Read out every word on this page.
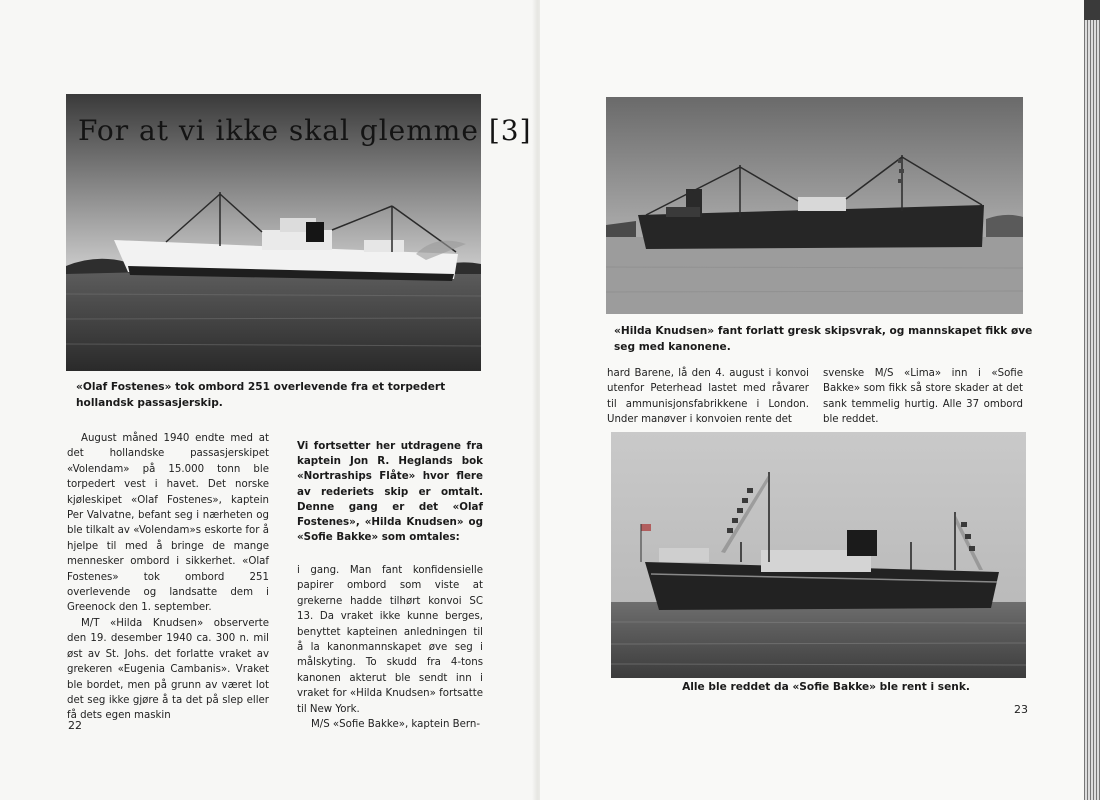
For at vi ikke skal glemme [3]
«Olaf Fostenes» tok ombord 251 overlevende fra et torpedert hollandsk passasjerskip.

August måned 1940 endte med at det hollandske passasjerskipet «Volendam» på 15.000 tonn ble torpedert vest i havet. Det norske kjøleskipet «Olaf Fostenes», kaptein Per Valvatne, befant seg i nærheten og ble tilkalt av «Volendam»s eskorte for å hjelpe til med å bringe de mange mennesker ombord i sikkerhet. «Olaf Fostenes» tok ombord 251 overlevende og landsatte dem i Greenock den 1. september.

M/T «Hilda Knudsen» observerte den 19. desember 1940 ca. 300 n. mil øst av St. Johs. det forlatte vraket av grekeren «Eugenia Cambanis». Vraket ble bordet, men på grunn av været lot det seg ikke gjøre å ta det på slep eller få dets egen maskin

Vi fortsetter her utdragene fra kaptein Jon R. Heglands bok «Nortraships Flåte» hvor flere av rederiets skip er omtalt. Denne gang er det «Olaf Fostenes», «Hilda Knudsen» og «Sofie Bakke» som omtales:

i gang. Man fant konfidensielle papirer ombord som viste at grekerne hadde tilhørt konvoi SC 13. Da vraket ikke kunne berges, benyttet kapteinen anledningen til å la kanonmannskapet øve seg i målskyting. To skudd fra 4-tons kanonen akterut ble sendt inn i vraket for «Hilda Knudsen» fortsatte til New York.

M/S «Sofie Bakke», kaptein Bern-

22
«Hilda Knudsen» fant forlatt gresk skipsvrak, og mannskapet fikk øve seg med kanonene.

hard Barene, lå den 4. august i konvoi utenfor Peterhead lastet med råvarer til ammunisjonsfabrikkene i London. Under manøver i konvoien rente det

svenske M/S «Lima» inn i «Sofie Bakke» som fikk så store skader at det sank temmelig hurtig. Alle 37 ombord ble reddet.

Alle ble reddet da «Sofie Bakke» ble rent i senk.
23
